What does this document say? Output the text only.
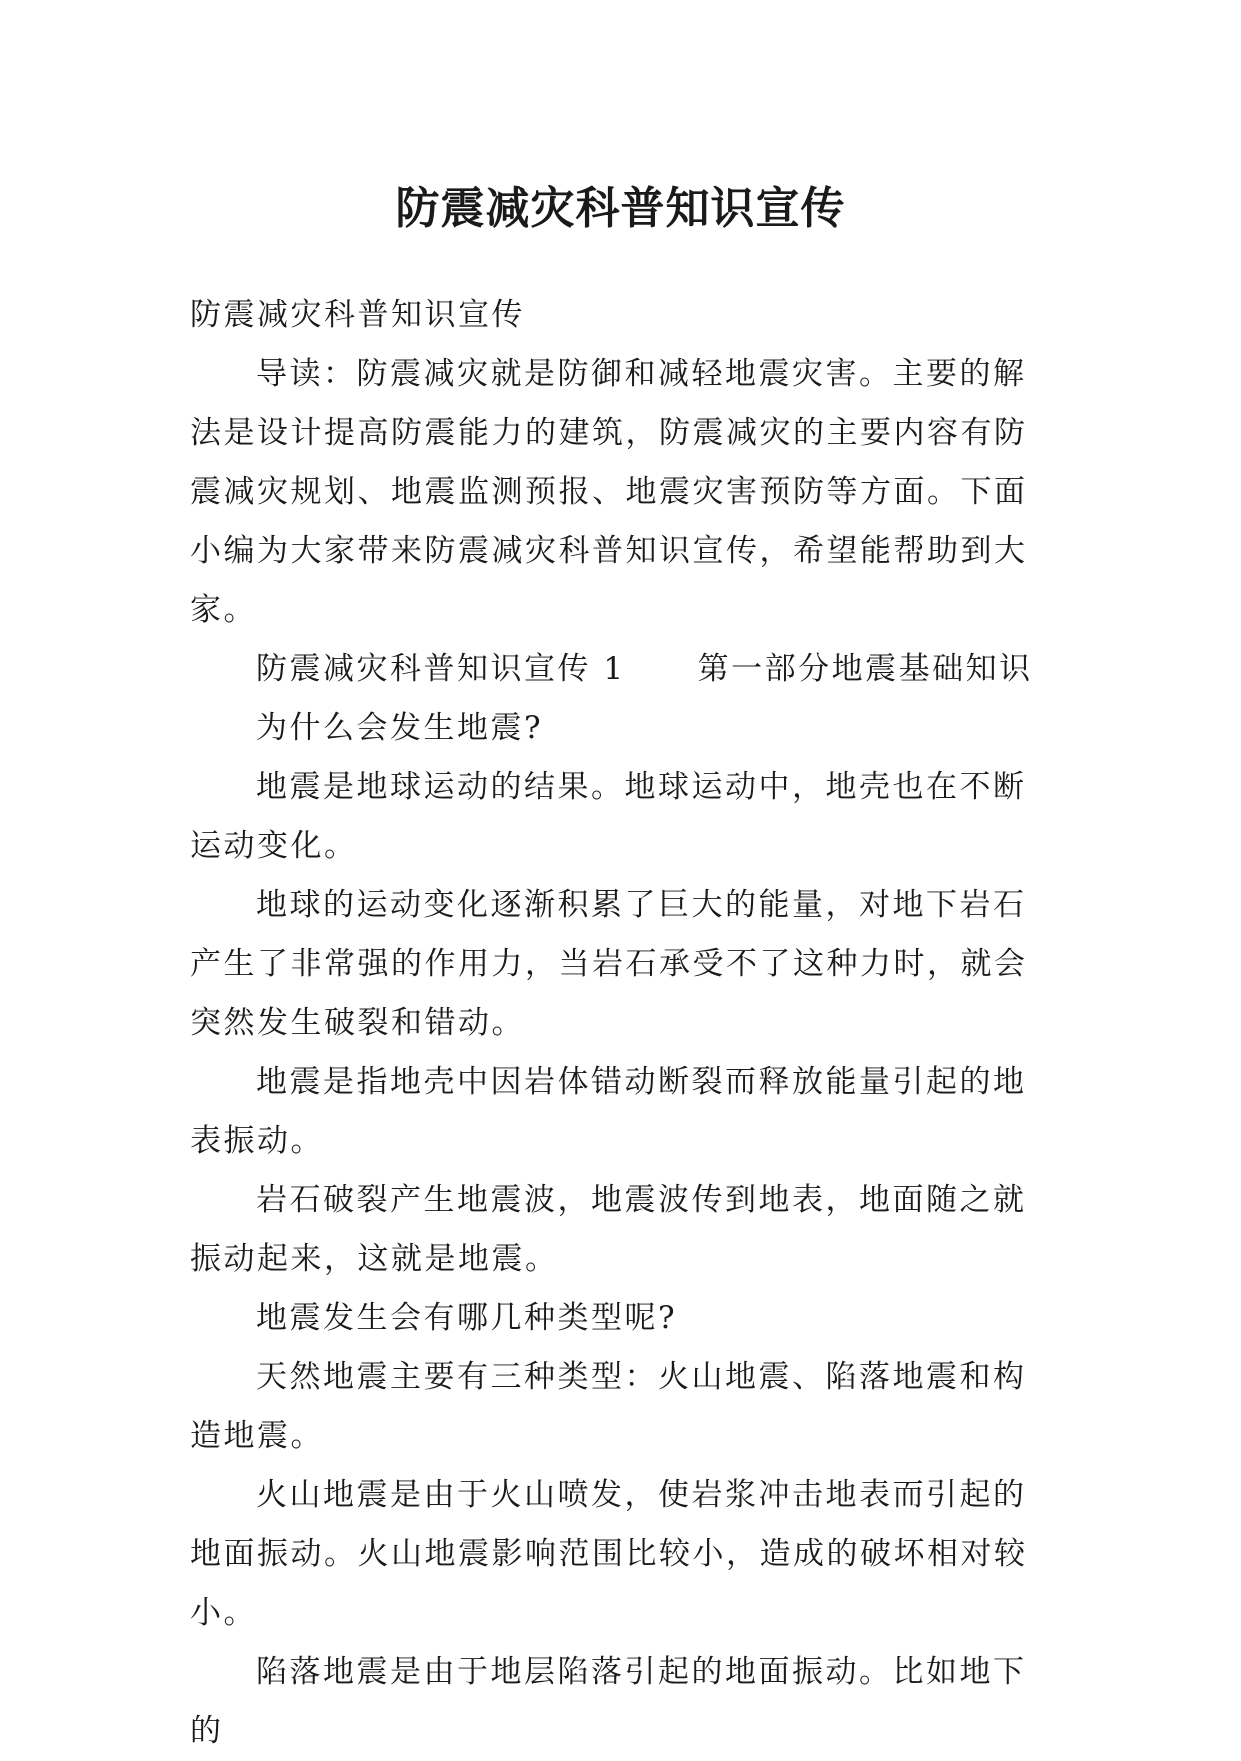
防震减灾科普知识宣传

防震减灾科普知识宣传

导读：防震减灾就是防御和减轻地震灾害。主要的解法是设计提高防震能力的建筑，防震减灾的主要内容有防震减灾规划、地震监测预报、地震灾害预防等方面。下面小编为大家带来防震减灾科普知识宣传，希望能帮助到大家。

防震减灾科普知识宣传 1 第一部分地震基础知识

为什么会发生地震?

地震是地球运动的结果。地球运动中，地壳也在不断运动变化。

地球的运动变化逐渐积累了巨大的能量，对地下岩石产生了非常强的作用力，当岩石承受不了这种力时，就会突然发生破裂和错动。

地震是指地壳中因岩体错动断裂而释放能量引起的地表振动。

岩石破裂产生地震波，地震波传到地表，地面随之就振动起来，这就是地震。

地震发生会有哪几种类型呢?

天然地震主要有三种类型：火山地震、陷落地震和构造地震。

火山地震是由于火山喷发，使岩浆冲击地表而引起的地面振动。火山地震影响范围比较小，造成的破坏相对较小。

陷落地震是由于地层陷落引起的地面振动。比如地下的
